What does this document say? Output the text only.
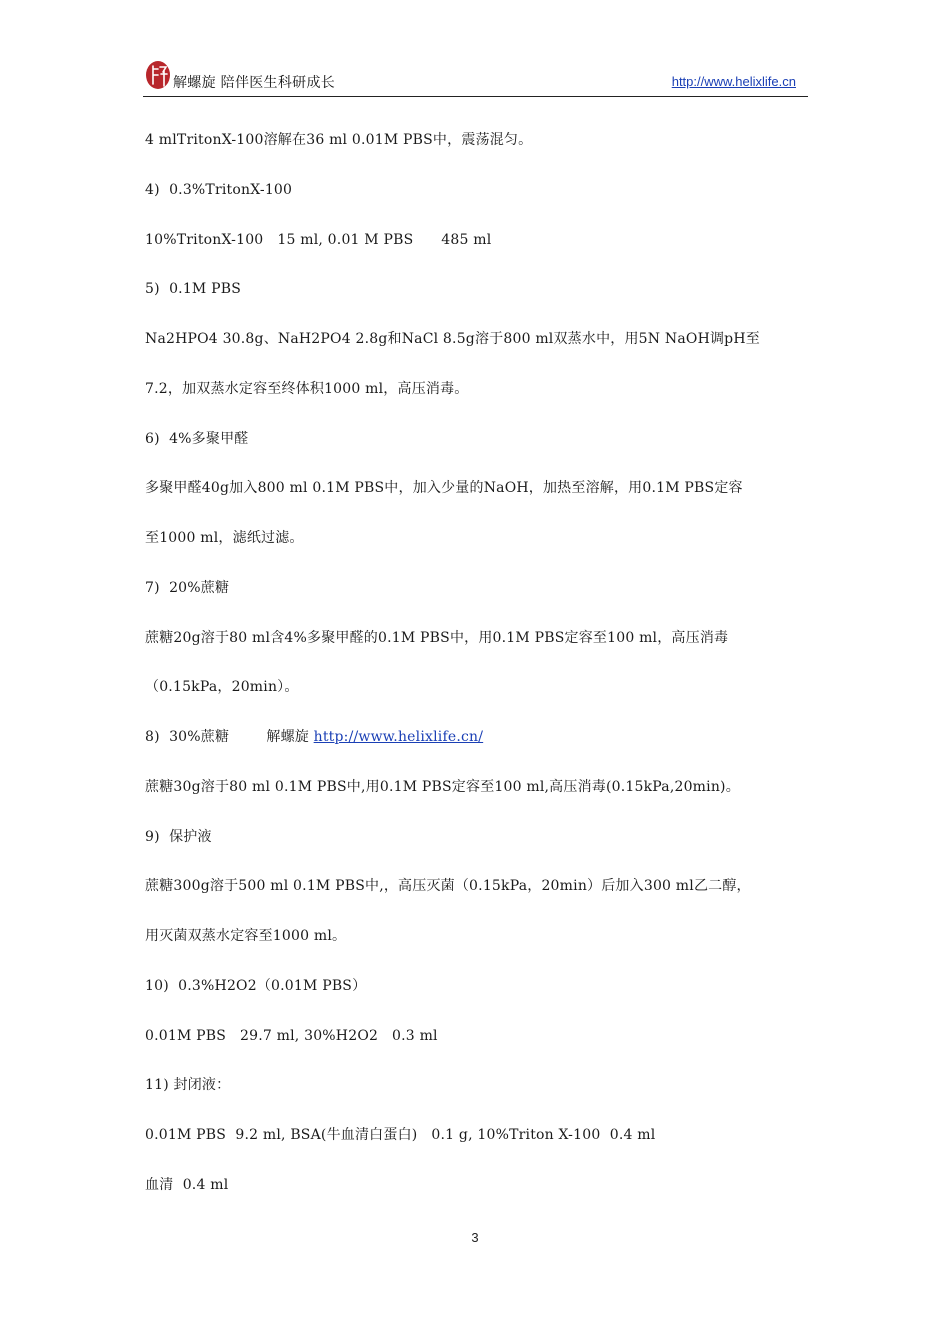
解螺旋 陪伴医生科研成长	http://www.helixlife.cn
4 mlTritonX-100溶解在36 ml 0.01M PBS中，震荡混匀。
4)  0.3%TritonX-100
10%TritonX-100   15 ml, 0.01 M PBS      485 ml
5)  0.1M PBS
Na2HPO4 30.8g、NaH2PO4 2.8g和NaCl 8.5g溶于800 ml双蒸水中，用5N NaOH调pH至
7.2，加双蒸水定容至终体积1000 ml，高压消毒。
6)  4%多聚甲醛
多聚甲醛40g加入800 ml 0.1M PBS中，加入少量的NaOH，加热至溶解，用0.1M PBS定容
至1000 ml，滤纸过滤。
7)  20%蔗糖
蔗糖20g溶于80 ml含4%多聚甲醛的0.1M PBS中，用0.1M PBS定容至100 ml，高压消毒
（0.15kPa，20min）。
8)  30%蔗糖        解螺旋 http://www.helixlife.cn/
蔗糖30g溶于80 ml 0.1M PBS中,用0.1M PBS定容至100 ml,高压消毒(0.15kPa,20min)。
9)  保护液
蔗糖300g溶于500 ml 0.1M PBS中,，高压灭菌（0.15kPa，20min）后加入300 ml乙二醇，
用灭菌双蒸水定容至1000 ml。
10)  0.3%H2O2（0.01M PBS）
0.01M PBS   29.7 ml, 30%H2O2   0.3 ml
11) 封闭液：
0.01M PBS  9.2 ml, BSA(牛血清白蛋白)   0.1 g, 10%Triton X-100  0.4 ml
血清  0.4 ml
3
